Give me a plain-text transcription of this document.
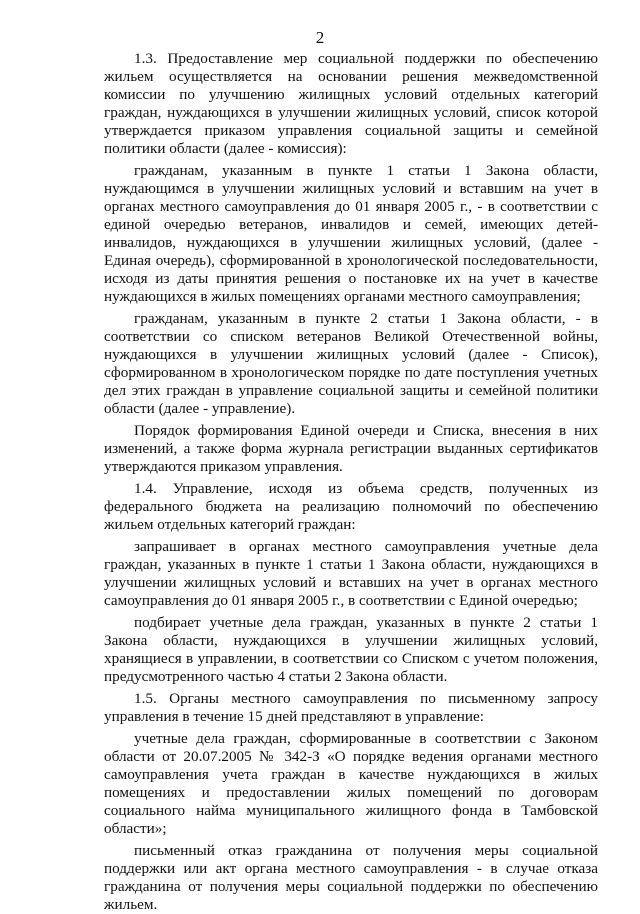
2

1.3. Предоставление мер социальной поддержки по обеспечению жильем осуществляется на основании решения межведомственной комиссии по улучшению жилищных условий отдельных категорий граждан, нуждающихся в улучшении жилищных условий, список которой утверждается приказом управления социальной защиты и семейной политики области (далее - комиссия):

гражданам, указанным в пункте 1 статьи 1 Закона области, нуждающимся в улучшении жилищных условий и вставшим на учет в органах местного самоуправления до 01 января 2005 г., - в соответствии с единой очередью ветеранов, инвалидов и семей, имеющих детей-инвалидов, нуждающихся в улучшении жилищных условий, (далее - Единая очередь), сформированной в хронологической последовательности, исходя из даты принятия решения о постановке их на учет в качестве нуждающихся в жилых помещениях органами местного самоуправления;

гражданам, указанным в пункте 2 статьи 1 Закона области, - в соответствии со списком ветеранов Великой Отечественной войны, нуждающихся в улучшении жилищных условий (далее - Список), сформированном в хронологическом порядке по дате поступления учетных дел этих граждан в управление социальной защиты и семейной политики области (далее - управление).

Порядок формирования Единой очереди и Списка, внесения в них изменений, а также форма журнала регистрации выданных сертификатов утверждаются приказом управления.

1.4. Управление, исходя из объема средств, полученных из федерального бюджета на реализацию полномочий по обеспечению жильем отдельных категорий граждан:

запрашивает в органах местного самоуправления учетные дела граждан, указанных в пункте 1 статьи 1 Закона области, нуждающихся в улучшении жилищных условий и вставших на учет в органах местного самоуправления до 01 января 2005 г., в соответствии с Единой очередью;

подбирает учетные дела граждан, указанных в пункте 2 статьи 1 Закона области, нуждающихся в улучшении жилищных условий, хранящиеся в управлении, в соответствии со Списком с учетом положения, предусмотренного частью 4 статьи 2 Закона области.

1.5. Органы местного самоуправления по письменному запросу управления в течение 15 дней представляют в управление:

учетные дела граждан, сформированные в соответствии с Законом области от 20.07.2005 № 342-З «О порядке ведения органами местного самоуправления учета граждан в качестве нуждающихся в жилых помещениях и предоставлении жилых помещений по договорам социального найма муниципального жилищного фонда в Тамбовской области»;

письменный отказ гражданина от получения меры социальной поддержки или акт органа местного самоуправления - в случае отказа гражданина от получения меры социальной поддержки по обеспечению жильем.
